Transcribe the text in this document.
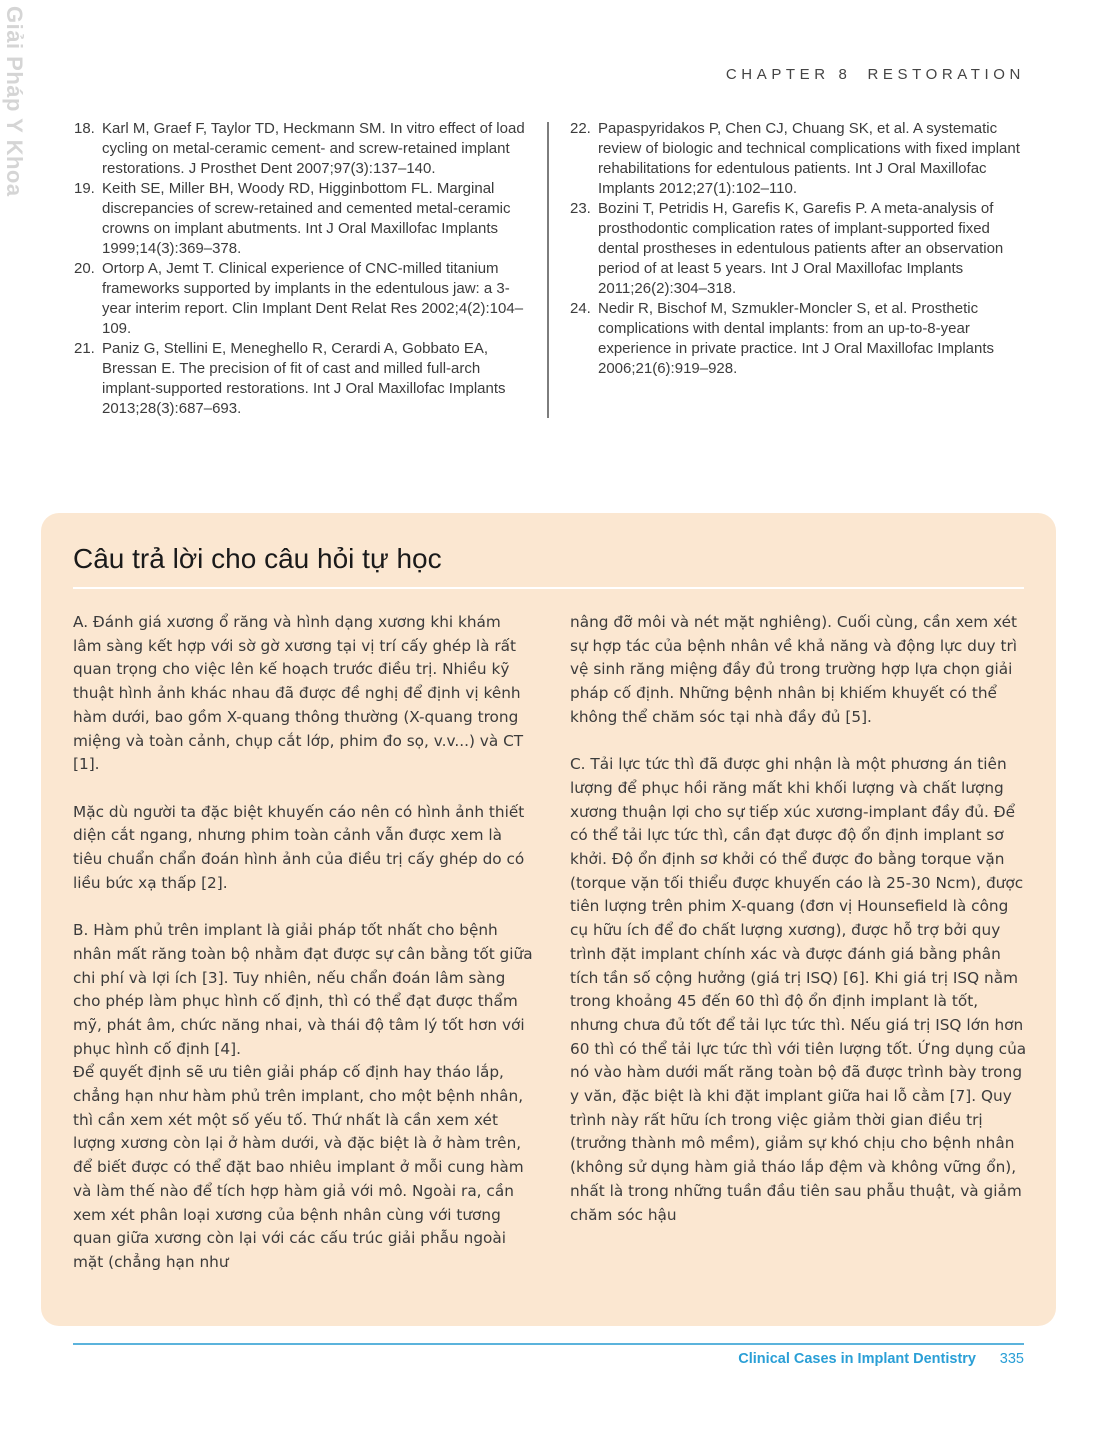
Giải Pháp Y Khoa	CHAPTER 8 RESTORATION
18. Karl M, Graef F, Taylor TD, Heckmann SM. In vitro effect of load cycling on metal-ceramic cement- and screw-retained implant restorations. J Prosthet Dent 2007;97(3):137–140.
19. Keith SE, Miller BH, Woody RD, Higginbottom FL. Marginal discrepancies of screw-retained and cemented metal-ceramic crowns on implant abutments. Int J Oral Maxillofac Implants 1999;14(3):369–378.
20. Ortorp A, Jemt T. Clinical experience of CNC-milled titanium frameworks supported by implants in the edentulous jaw: a 3-year interim report. Clin Implant Dent Relat Res 2002;4(2):104–109.
21. Paniz G, Stellini E, Meneghello R, Cerardi A, Gobbato EA, Bressan E. The precision of fit of cast and milled full-arch implant-supported restorations. Int J Oral Maxillofac Implants 2013;28(3):687–693.
22. Papaspyridakos P, Chen CJ, Chuang SK, et al. A systematic review of biologic and technical complications with fixed implant rehabilitations for edentulous patients. Int J Oral Maxillofac Implants 2012;27(1):102–110.
23. Bozini T, Petridis H, Garefis K, Garefis P. A meta-analysis of prosthodontic complication rates of implant-supported fixed dental prostheses in edentulous patients after an observation period of at least 5 years. Int J Oral Maxillofac Implants 2011;26(2):304–318.
24. Nedir R, Bischof M, Szmukler-Moncler S, et al. Prosthetic complications with dental implants: from an up-to-8-year experience in private practice. Int J Oral Maxillofac Implants 2006;21(6):919–928.
Câu trả lời cho câu hỏi tự học

A. Đánh giá xương ổ răng và hình dạng xương khi khám lâm sàng kết hợp với sờ gờ xương tại vị trí cấy ghép là rất quan trọng cho việc lên kế hoạch trước điều trị. Nhiều kỹ thuật hình ảnh khác nhau đã được đề nghị để định vị kênh hàm dưới, bao gồm X-quang thông thường (X-quang trong miệng và toàn cảnh, chụp cắt lớp, phim đo sọ, v.v...) và CT [1].

Mặc dù người ta đặc biệt khuyến cáo nên có hình ảnh thiết diện cắt ngang, nhưng phim toàn cảnh vẫn được xem là tiêu chuẩn chẩn đoán hình ảnh của điều trị cấy ghép do có liều bức xạ thấp [2].

B. Hàm phủ trên implant là giải pháp tốt nhất cho bệnh nhân mất răng toàn bộ nhằm đạt được sự cân bằng tốt giữa chi phí và lợi ích [3]. Tuy nhiên, nếu chẩn đoán lâm sàng cho phép làm phục hình cố định, thì có thể đạt được thẩm mỹ, phát âm, chức năng nhai, và thái độ tâm lý tốt hơn với phục hình cố định [4].

Để quyết định sẽ ưu tiên giải pháp cố định hay tháo lắp, chẳng hạn như hàm phủ trên implant, cho một bệnh nhân, thì cần xem xét một số yếu tố. Thứ nhất là cần xem xét lượng xương còn lại ở hàm dưới, và đặc biệt là ở hàm trên, để biết được có thể đặt bao nhiêu implant ở mỗi cung hàm và làm thế nào để tích hợp hàm giả với mô. Ngoài ra, cần xem xét phân loại xương của bệnh nhân cùng với tương quan giữa xương còn lại với các cấu trúc giải phẫu ngoài mặt (chẳng hạn như

nâng đỡ môi và nét mặt nghiêng). Cuối cùng, cần xem xét sự hợp tác của bệnh nhân về khả năng và động lực duy trì vệ sinh răng miệng đầy đủ trong trường hợp lựa chọn giải pháp cố định. Những bệnh nhân bị khiếm khuyết có thể không thể chăm sóc tại nhà đầy đủ [5].

C. Tải lực tức thì đã được ghi nhận là một phương án tiên lượng để phục hồi răng mất khi khối lượng và chất lượng xương thuận lợi cho sự tiếp xúc xương-implant đầy đủ. Để có thể tải lực tức thì, cần đạt được độ ổn định implant sơ khởi. Độ ổn định sơ khởi có thể được đo bằng torque vặn (torque vặn tối thiểu được khuyến cáo là 25-30 Ncm), được tiên lượng trên phim X-quang (đơn vị Hounsefield là công cụ hữu ích để đo chất lượng xương), được hỗ trợ bởi quy trình đặt implant chính xác và được đánh giá bằng phân tích tần số cộng hưởng (giá trị ISQ) [6]. Khi giá trị ISQ nằm trong khoảng 45 đến 60 thì độ ổn định implant là tốt, nhưng chưa đủ tốt để tải lực tức thì. Nếu giá trị ISQ lớn hơn 60 thì có thể tải lực tức thì với tiên lượng tốt. Ứng dụng của nó vào hàm dưới mất răng toàn bộ đã được trình bày trong y văn, đặc biệt là khi đặt implant giữa hai lỗ cằm [7]. Quy trình này rất hữu ích trong việc giảm thời gian điều trị (trưởng thành mô mềm), giảm sự khó chịu cho bệnh nhân (không sử dụng hàm giả tháo lắp đệm và không vững ổn), nhất là trong những tuần đầu tiên sau phẫu thuật, và giảm chăm sóc hậu

Clinical Cases in Implant Dentistry 335
